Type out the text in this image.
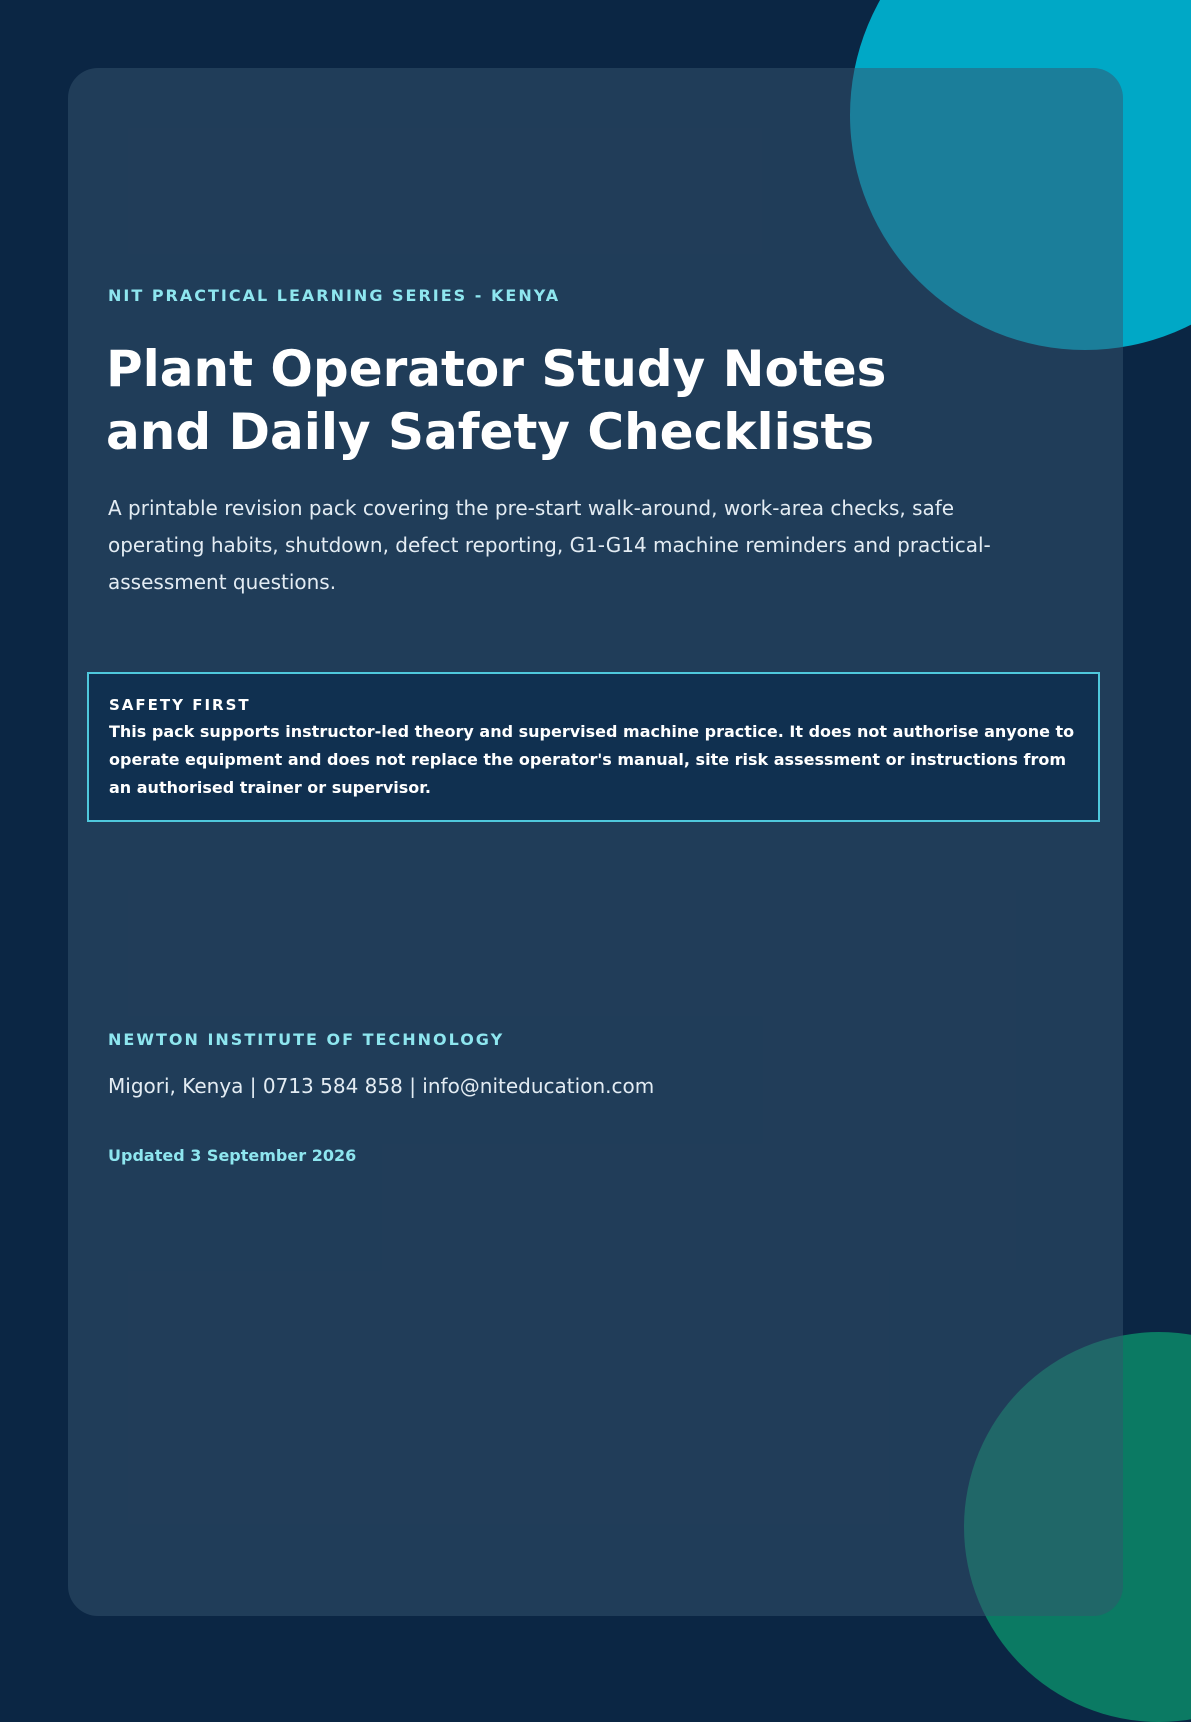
NIT PRACTICAL LEARNING SERIES - KENYA

Plant Operator Study Notes and Daily Safety Checklists

A printable revision pack covering the pre-start walk-around, work-area checks, safe operating habits, shutdown, defect reporting, G1-G14 machine reminders and practical-assessment questions.

SAFETY FIRST

This pack supports instructor-led theory and supervised machine practice. It does not authorise anyone to operate equipment and does not replace the operator's manual, site risk assessment or instructions from an authorised trainer or supervisor.

NEWTON INSTITUTE OF TECHNOLOGY

Migori, Kenya | 0713 584 858 | info@niteducation.com

Updated 3 September 2026
